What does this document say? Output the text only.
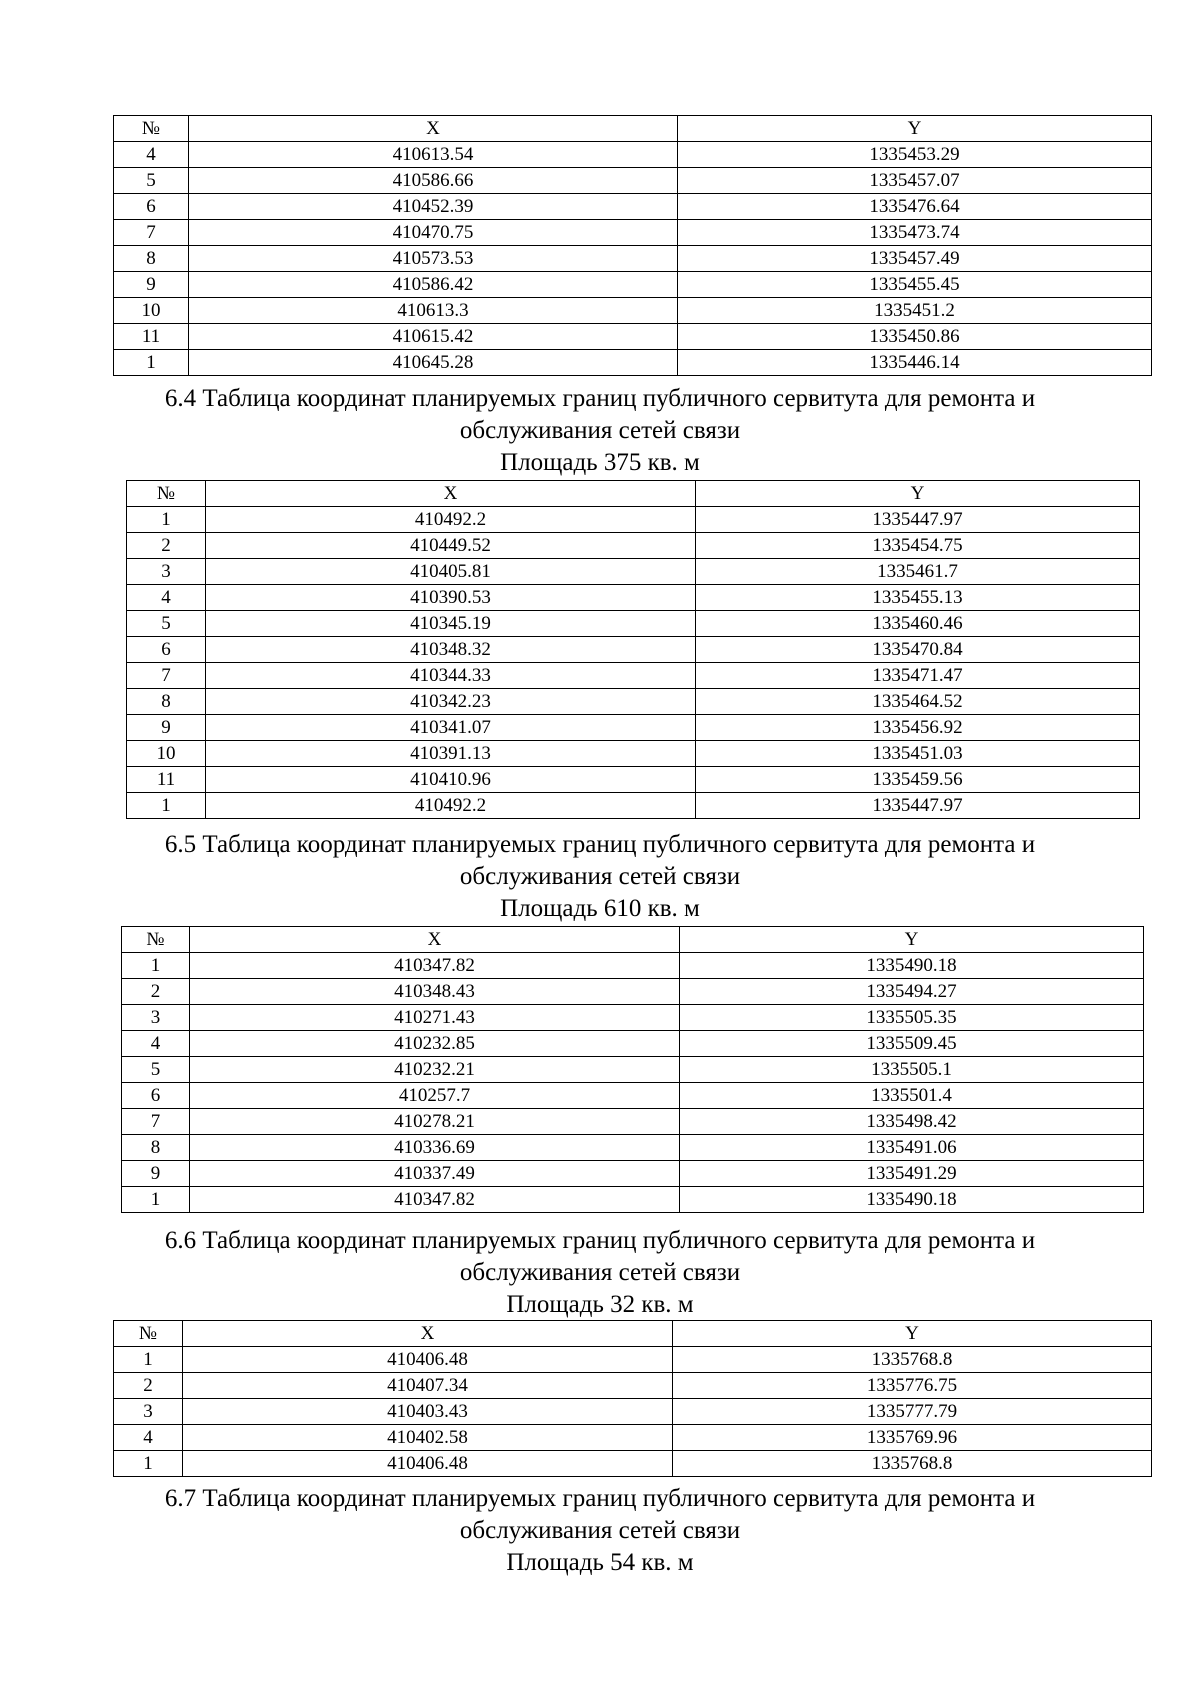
№	X	Y
4	410613.54	1335453.29
5	410586.66	1335457.07
6	410452.39	1335476.64
7	410470.75	1335473.74
8	410573.53	1335457.49
9	410586.42	1335455.45
10	410613.3	1335451.2
11	410615.42	1335450.86
1	410645.28	1335446.14
6.4 Таблица координат планируемых границ публичного сервитута для ремонта и
обслуживания сетей связи
Площадь 375 кв. м
№	X	Y
1	410492.2	1335447.97
2	410449.52	1335454.75
3	410405.81	1335461.7
4	410390.53	1335455.13
5	410345.19	1335460.46
6	410348.32	1335470.84
7	410344.33	1335471.47
8	410342.23	1335464.52
9	410341.07	1335456.92
10	410391.13	1335451.03
11	410410.96	1335459.56
1	410492.2	1335447.97
6.5 Таблица координат планируемых границ публичного сервитута для ремонта и
обслуживания сетей связи
Площадь 610 кв. м
№	X	Y
1	410347.82	1335490.18
2	410348.43	1335494.27
3	410271.43	1335505.35
4	410232.85	1335509.45
5	410232.21	1335505.1
6	410257.7	1335501.4
7	410278.21	1335498.42
8	410336.69	1335491.06
9	410337.49	1335491.29
1	410347.82	1335490.18
6.6 Таблица координат планируемых границ публичного сервитута для ремонта и
обслуживания сетей связи
Площадь 32 кв. м
№	X	Y
1	410406.48	1335768.8
2	410407.34	1335776.75
3	410403.43	1335777.79
4	410402.58	1335769.96
1	410406.48	1335768.8
6.7 Таблица координат планируемых границ публичного сервитута для ремонта и
обслуживания сетей связи
Площадь 54 кв. м
